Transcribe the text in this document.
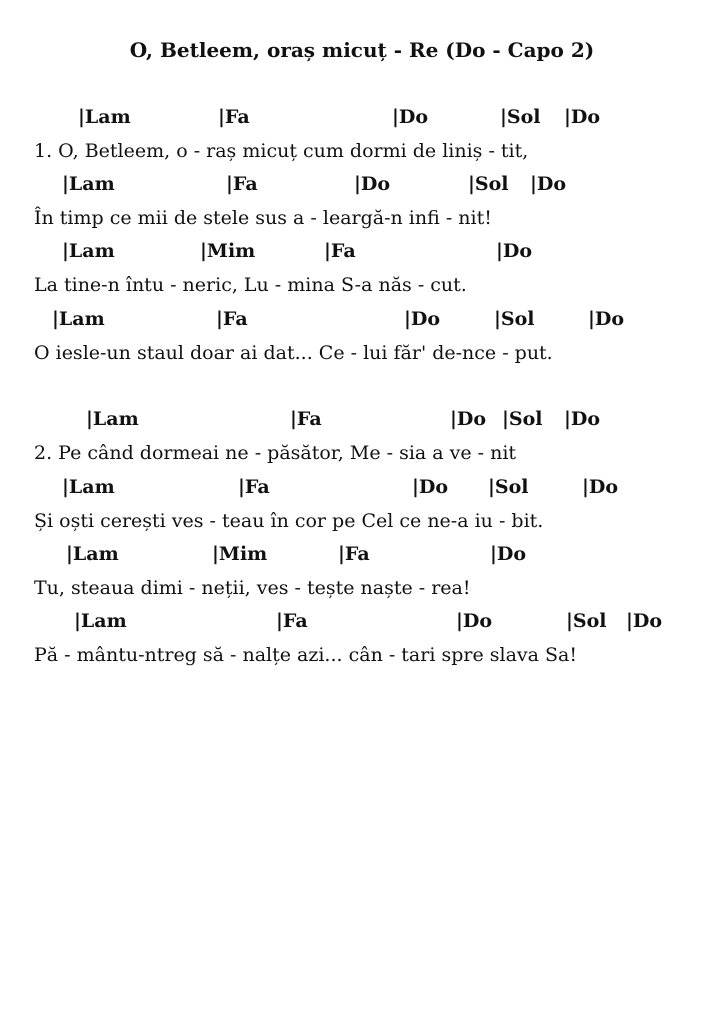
O, Betleem, oraș micuț - Re (Do - Capo 2)
|Lam	|Fa	|Do	|Sol |Do
1. O, Betleem, o - raș micuț cum dormi de liniș - tit,
|Lam	|Fa	|Do	|Sol |Do
În timp ce mii de stele sus a - leargă-n infi - nit!
|Lam	|Mim	|Fa	|Do
La tine-n întu - neric, Lu - mina S-a năs - cut.
|Lam	|Fa	|Do	|Sol	|Do
O iesle-un staul doar ai dat... Ce - lui făr' de-nce - put.
|Lam	|Fa	|Do |Sol |Do
2. Pe când dormeai ne - păsător, Me - sia a ve - nit
|Lam	|Fa	|Do |Sol	|Do
Și oști cerești ves - teau în cor pe Cel ce ne-a iu - bit.
|Lam	|Mim	|Fa	|Do
Tu, steaua dimi - neții, ves - tește naște - rea!
|Lam	|Fa	|Do	|Sol |Do
Pă - mântu-ntreg să - nalțe azi... cân - tari spre slava Sa!
